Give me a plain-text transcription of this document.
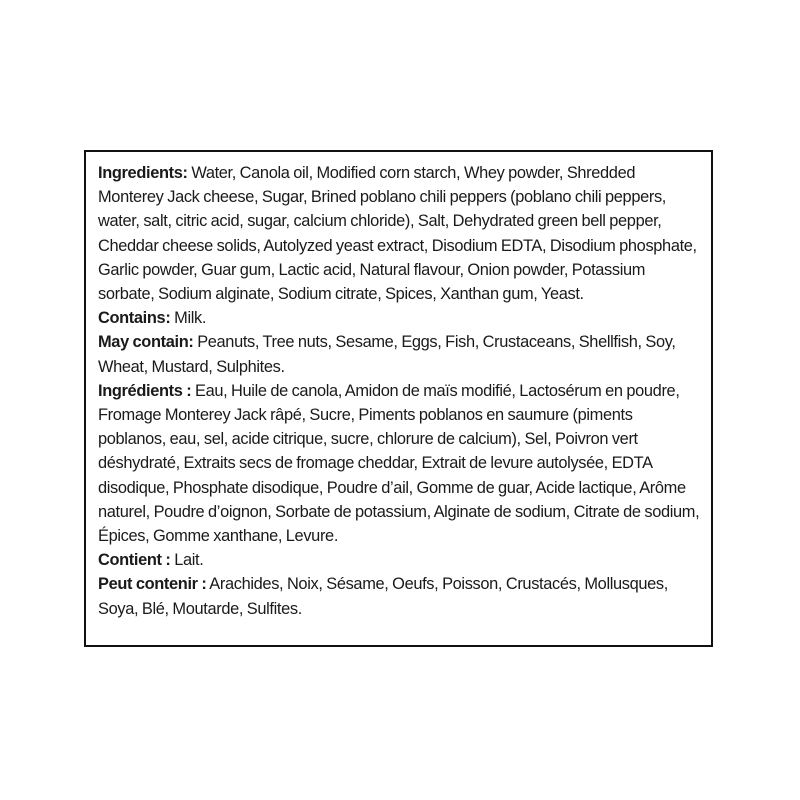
Ingredients: Water, Canola oil, Modified corn starch, Whey powder, Shredded Monterey Jack cheese, Sugar, Brined poblano chili peppers (poblano chili peppers, water, salt, citric acid, sugar, calcium chloride), Salt, Dehydrated green bell pepper, Cheddar cheese solids, Autolyzed yeast extract, Disodium EDTA, Disodium phosphate, Garlic powder, Guar gum, Lactic acid, Natural flavour, Onion powder, Potassium sorbate, Sodium alginate, Sodium citrate, Spices, Xanthan gum, Yeast.

Contains: Milk.

May contain: Peanuts, Tree nuts, Sesame, Eggs, Fish, Crustaceans, Shellfish, Soy, Wheat, Mustard, Sulphites.

Ingrédients : Eau, Huile de canola, Amidon de maïs modifié, Lactosérum en poudre, Fromage Monterey Jack râpé, Sucre, Piments poblanos en saumure (piments poblanos, eau, sel, acide citrique, sucre, chlorure de calcium), Sel, Poivron vert déshydraté, Extraits secs de fromage cheddar, Extrait de levure autolysée, EDTA disodique, Phosphate disodique, Poudre d’ail, Gomme de guar, Acide lactique, Arôme naturel, Poudre d’oignon, Sorbate de potassium, Alginate de sodium, Citrate de sodium, Épices, Gomme xanthane, Levure.

Contient : Lait.

Peut contenir : Arachides, Noix, Sésame, Oeufs, Poisson, Crustacés, Mollusques, Soya, Blé, Moutarde, Sulfites.
